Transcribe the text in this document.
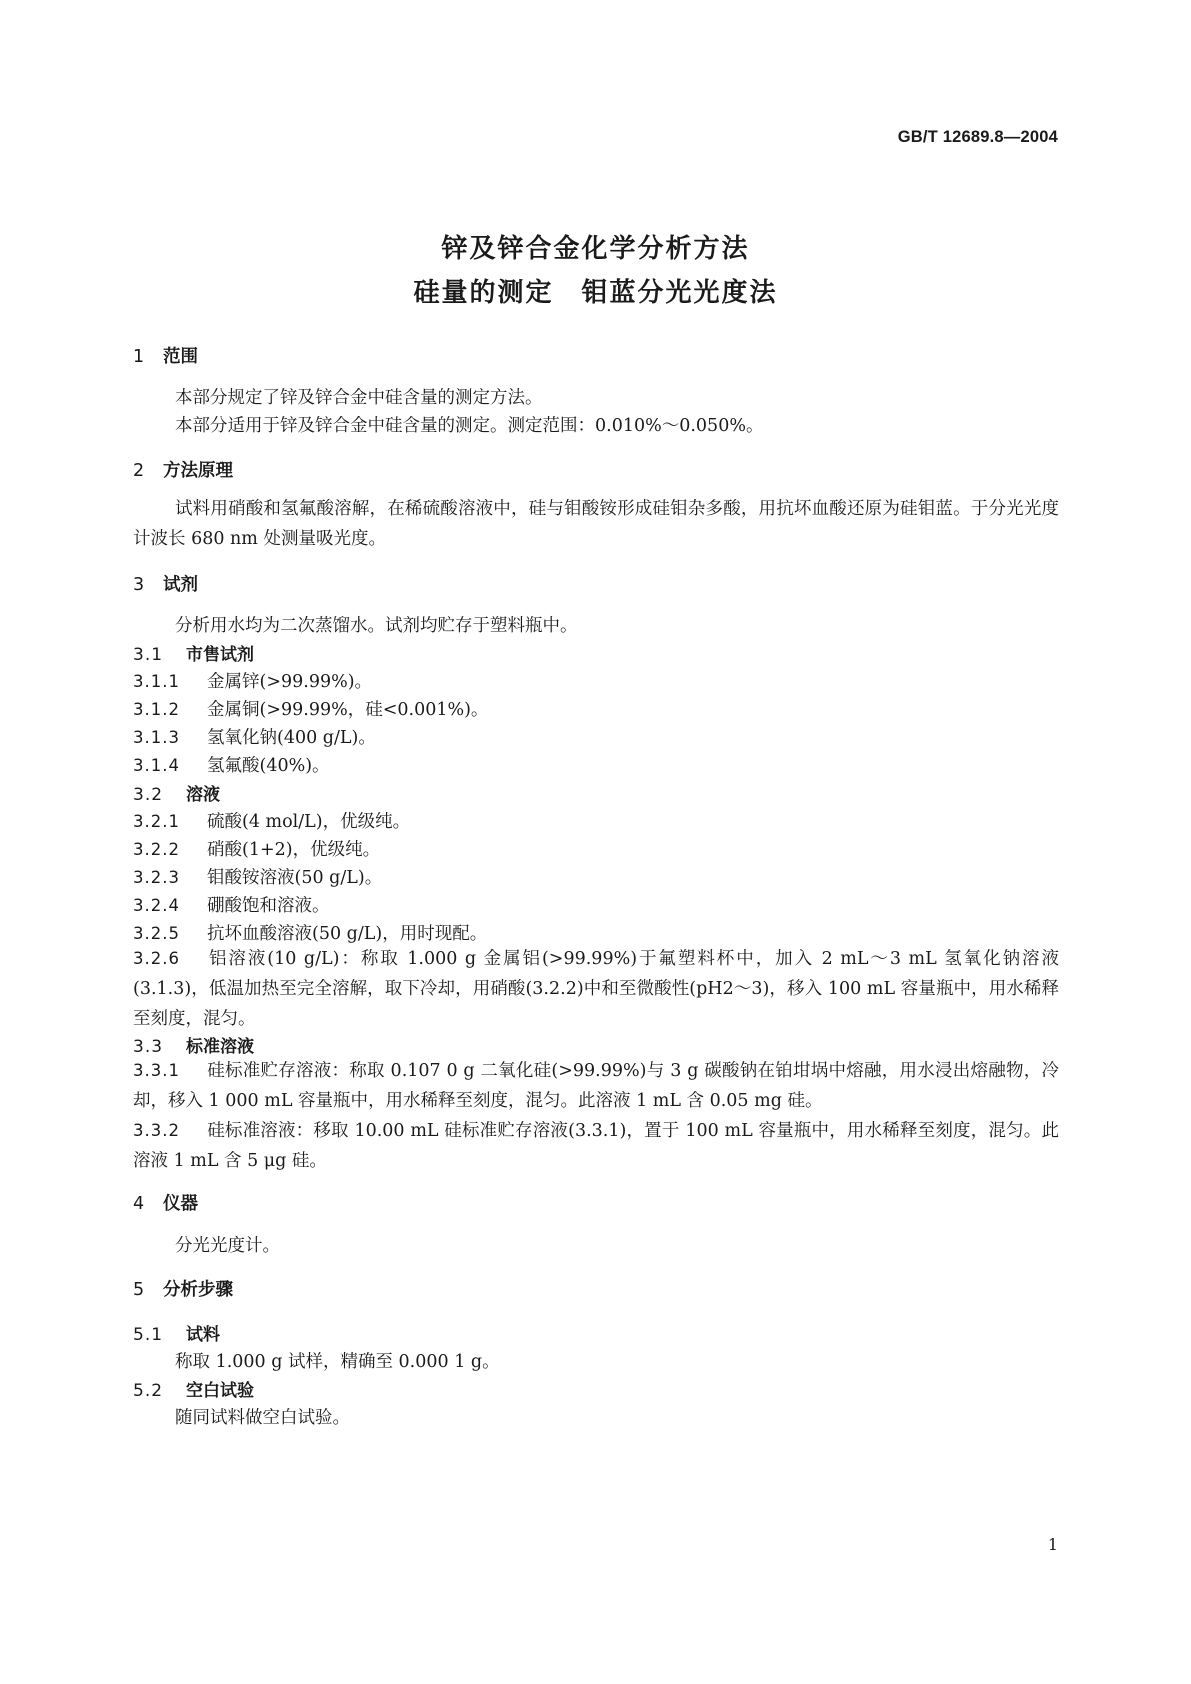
GB/T 12689.8—2004
锌及锌合金化学分析方法
硅量的测定　钼蓝分光光度法
1 范围
本部分规定了锌及锌合金中硅含量的测定方法。
本部分适用于锌及锌合金中硅含量的测定。测定范围：0.010%～0.050%。
2 方法原理
试料用硝酸和氢氟酸溶解，在稀硫酸溶液中，硅与钼酸铵形成硅钼杂多酸，用抗坏血酸还原为硅钼蓝。于分光光度计波长 680 nm 处测量吸光度。
3 试剂
分析用水均为二次蒸馏水。试剂均贮存于塑料瓶中。
3.1 市售试剂
3.1.1 金属锌(>99.99%)。
3.1.2 金属铜(>99.99%，硅<0.001%)。
3.1.3 氢氧化钠(400 g/L)。
3.1.4 氢氟酸(40%)。
3.2 溶液
3.2.1 硫酸(4 mol/L)，优级纯。
3.2.2 硝酸(1+2)，优级纯。
3.2.3 钼酸铵溶液(50 g/L)。
3.2.4 硼酸饱和溶液。
3.2.5 抗坏血酸溶液(50 g/L)，用时现配。
3.2.6 铝溶液(10 g/L)：称取 1.000 g 金属铝(>99.99%)于氟塑料杯中，加入 2 mL～3 mL 氢氧化钠溶液(3.1.3)，低温加热至完全溶解，取下冷却，用硝酸(3.2.2)中和至微酸性(pH2～3)，移入 100 mL 容量瓶中，用水稀释至刻度，混匀。
3.3 标准溶液
3.3.1 硅标准贮存溶液：称取 0.107 0 g 二氧化硅(>99.99%)与 3 g 碳酸钠在铂坩埚中熔融，用水浸出熔融物，冷却，移入 1 000 mL 容量瓶中，用水稀释至刻度，混匀。此溶液 1 mL 含 0.05 mg 硅。
3.3.2 硅标准溶液：移取 10.00 mL 硅标准贮存溶液(3.3.1)，置于 100 mL 容量瓶中，用水稀释至刻度，混匀。此溶液 1 mL 含 5 μg 硅。
4 仪器
分光光度计。
5 分析步骤
5.1 试料
称取 1.000 g 试样，精确至 0.000 1 g。
5.2 空白试验
随同试料做空白试验。
1
